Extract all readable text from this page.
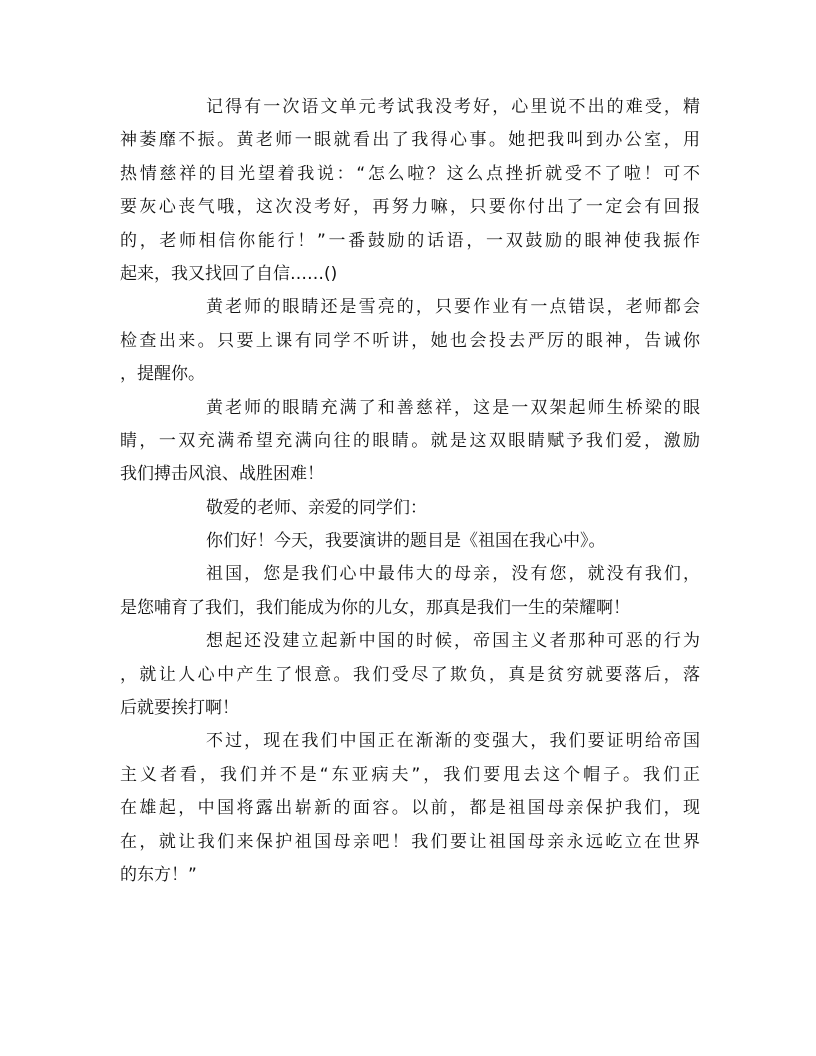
记得有一次语文单元考试我没考好，心里说不出的难受，精
神萎靡不振。黄老师一眼就看出了我得心事。她把我叫到办公室，用
热情慈祥的目光望着我说：“怎么啦？这么点挫折就受不了啦！可不
要灰心丧气哦，这次没考好，再努力嘛，只要你付出了一定会有回报
的，老师相信你能行！”一番鼓励的话语，一双鼓励的眼神使我振作
起来，我又找回了自信……()
黄老师的眼睛还是雪亮的，只要作业有一点错误，老师都会
检查出来。只要上课有同学不听讲，她也会投去严厉的眼神，告诫你
，提醒你。
黄老师的眼睛充满了和善慈祥，这是一双架起师生桥梁的眼
睛，一双充满希望充满向往的眼睛。就是这双眼睛赋予我们爱，激励
我们搏击风浪、战胜困难！
敬爱的老师、亲爱的同学们：
你们好！今天，我要演讲的题目是《祖国在我心中》。
祖国，您是我们心中最伟大的母亲，没有您，就没有我们，
是您哺育了我们，我们能成为你的儿女，那真是我们一生的荣耀啊！
想起还没建立起新中国的时候，帝国主义者那种可恶的行为
，就让人心中产生了恨意。我们受尽了欺负，真是贫穷就要落后，落
后就要挨打啊！
不过，现在我们中国正在渐渐的变强大，我们要证明给帝国
主义者看，我们并不是“东亚病夫”，我们要甩去这个帽子。我们正
在雄起，中国将露出崭新的面容。以前，都是祖国母亲保护我们，现
在，就让我们来保护祖国母亲吧！我们要让祖国母亲永远屹立在世界
的东方！”
